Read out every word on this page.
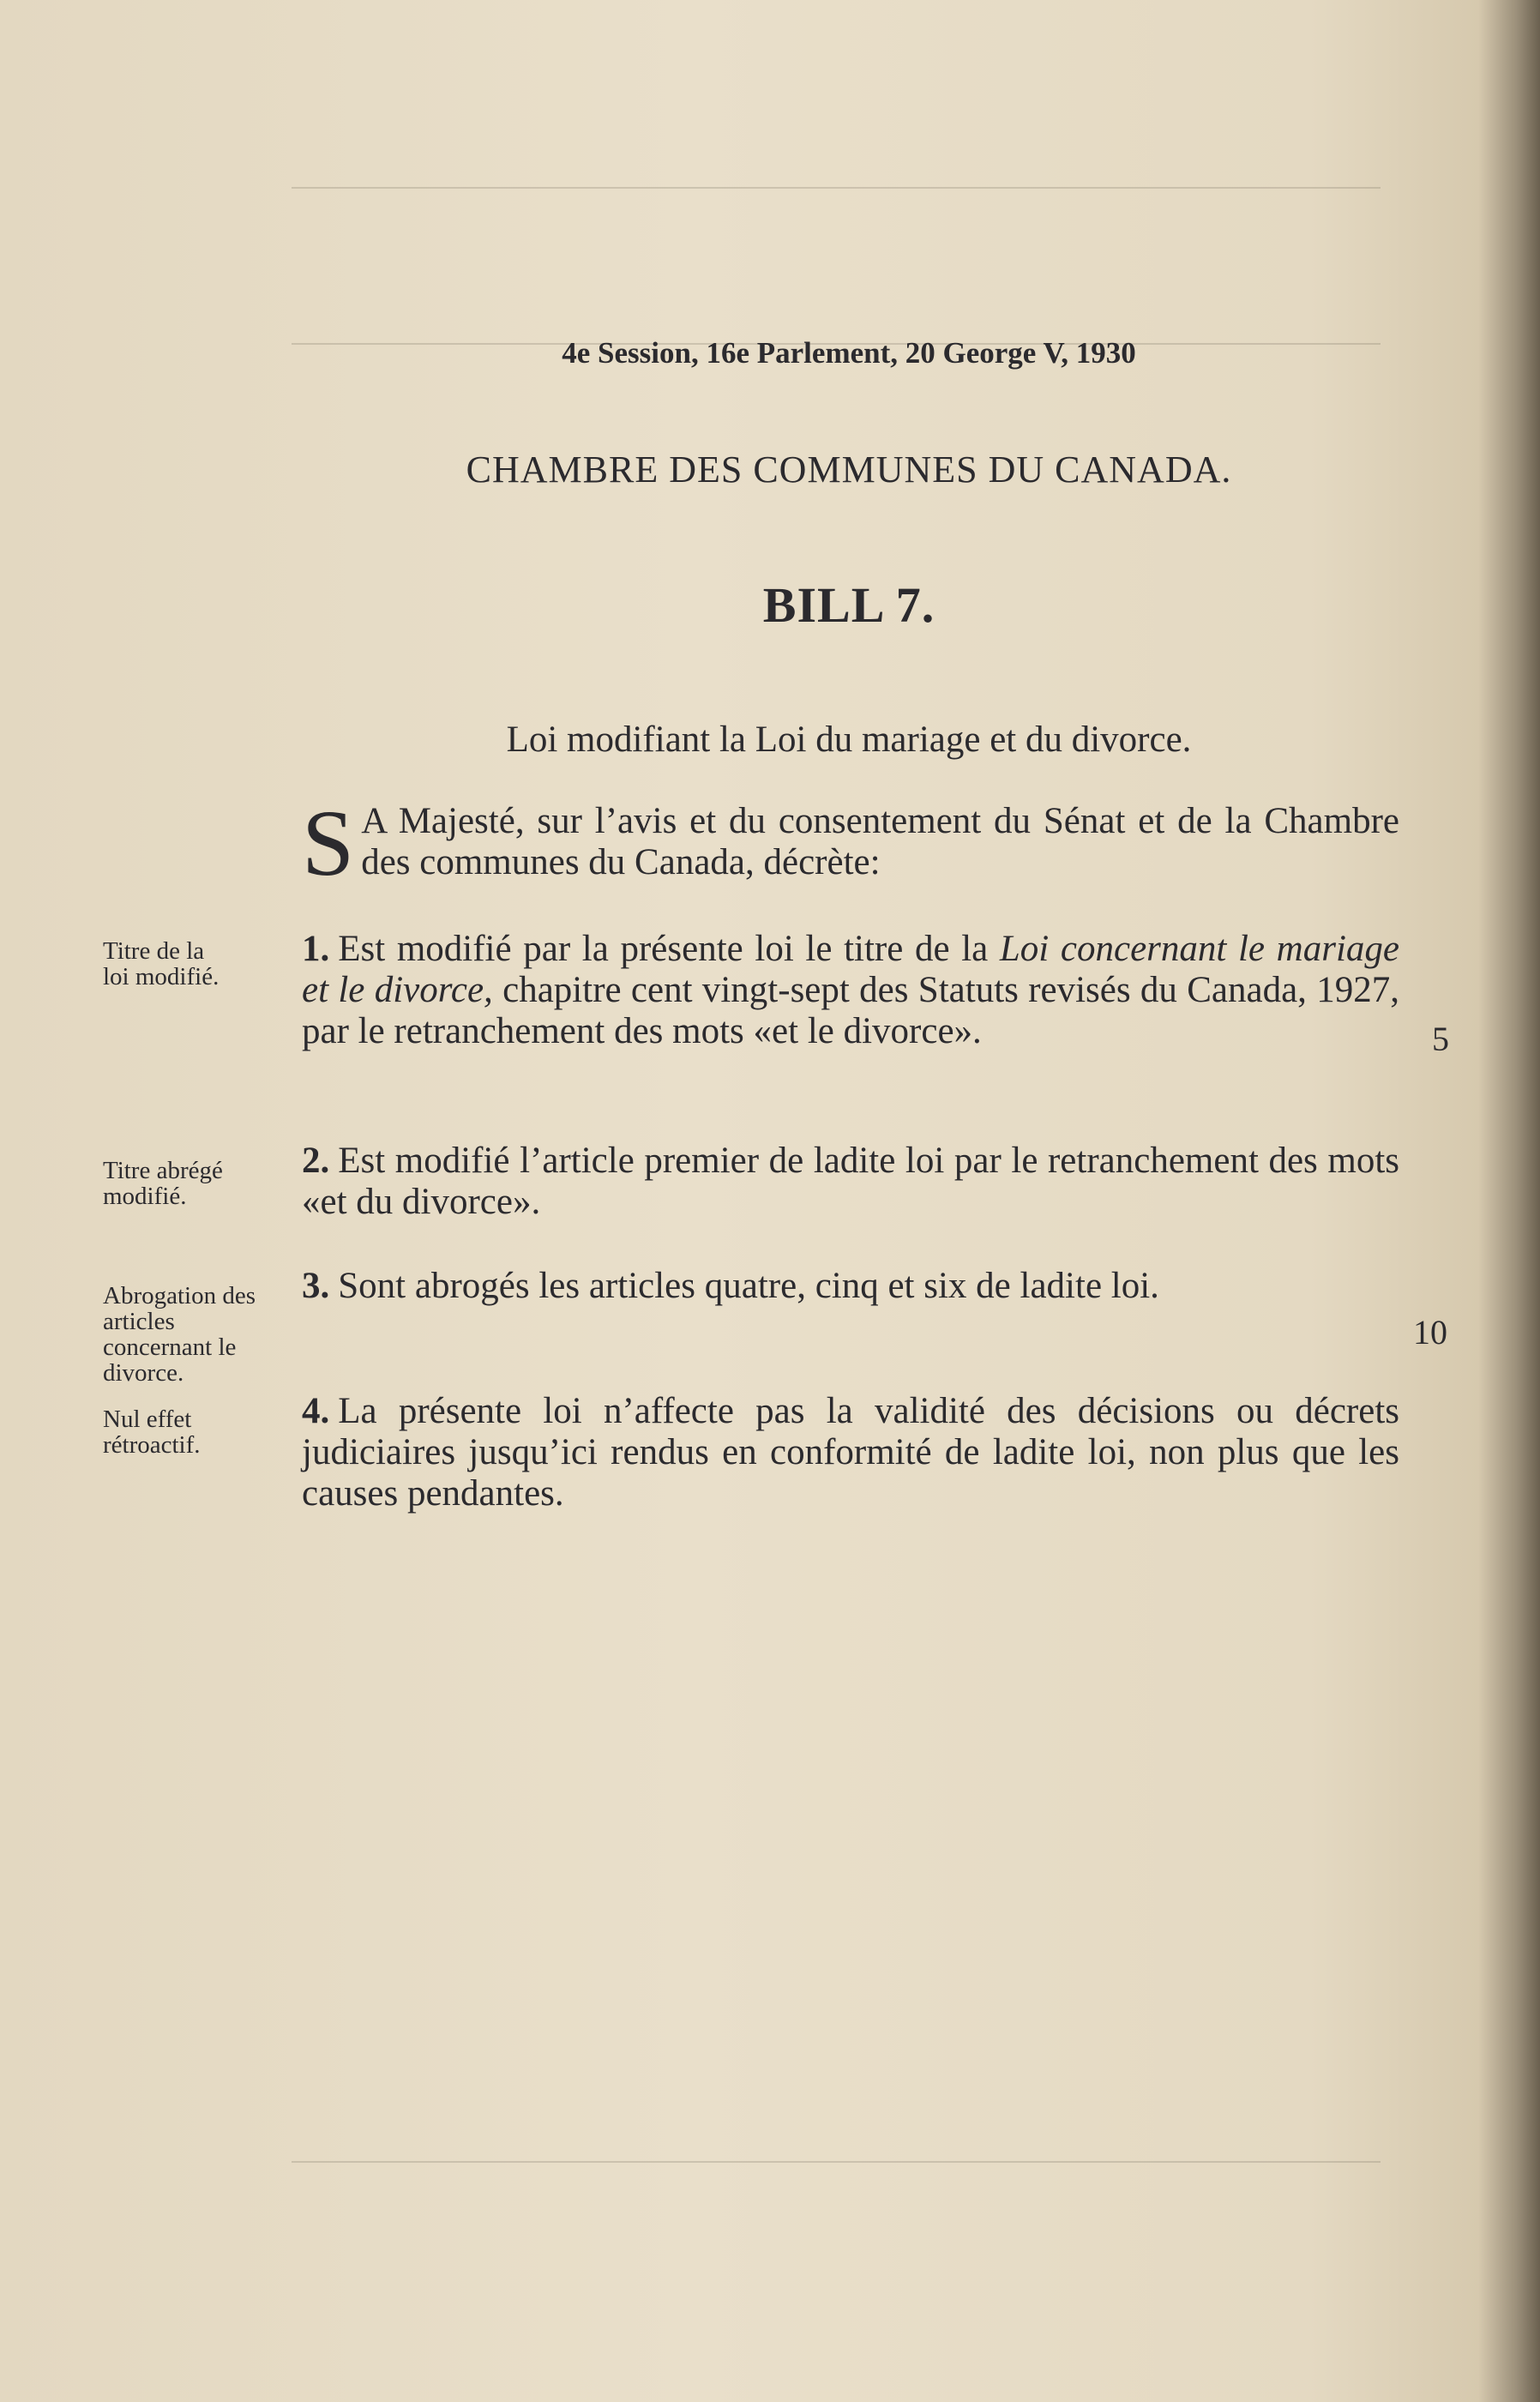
4e Session, 16e Parlement, 20 George V, 1930
CHAMBRE DES COMMUNES DU CANADA.
BILL 7.
Loi modifiant la Loi du mariage et du divorce.
S A Majesté, sur l’avis et du consentement du Sénat et de la Chambre des communes du Canada, décrète:
Titre de la loi modifié.
1. Est modifié par la présente loi le titre de la Loi concernant le mariage et le divorce, chapitre cent vingt-sept des Statuts revisés du Canada, 1927, par le retranchement des mots «et le divorce».	5
Titre abrégé modifié.
2. Est modifié l’article premier de ladite loi par le retranchement des mots «et du divorce».
Abrogation des articles concernant le divorce.
3. Sont abrogés les articles quatre, cinq et six de ladite loi.
10
Nul effet rétroactif.
4. La présente loi n’affecte pas la validité des décisions ou décrets judiciaires jusqu’ici rendus en conformité de ladite loi, non plus que les causes pendantes.
